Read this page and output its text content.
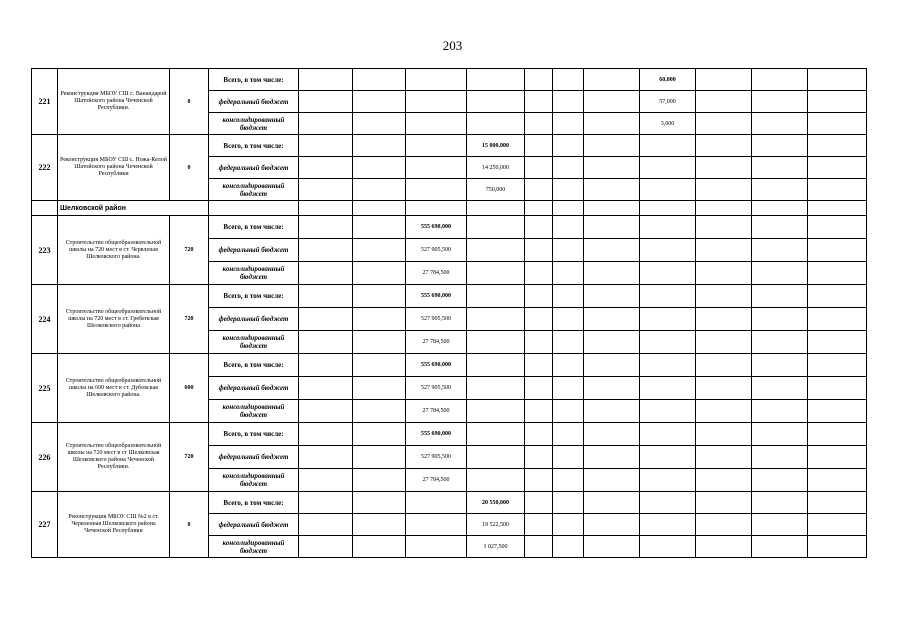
203
221	Реконструкция МБОУ СШ с. Ванандарой Шатойского района Чеченской Республики.	0	Всего, в том числе:								60,000			
			федеральный бюджет								57,000			
			консолидированный бюджет								3,000			
222	Реконструкция МБОУ СШ с. Ножа-Келой Шатойского района Чеченской Республики	0	Всего, в том числе:				15 000,000							
			федеральный бюджет				14 250,000							
			консолидированный бюджет				750,000							
	Шелковской район													
223	Строительство общеобразовательной школы на 720 мест в ст. Червленая Шелковского района.	720	Всего, в том числе:			555 690,000								
			федеральный бюджет			527 905,500								
			консолидированный бюджет			27 784,500								
224	Строительство общеобразовательной школы на 720 мест в ст. Гребенская Шелковского района	720	Всего, в том числе:			555 690,000								
			федеральный бюджет			527 905,500								
			консолидированный бюджет			27 784,500								
225	Строительство общеобразовательной школы на 600 мест в ст. Дубовская Шелковского района.	600	Всего, в том числе:			555 690,000								
			федеральный бюджет			527 905,500								
			консолидированный бюджет			27 784,500								
226	Строительство общеобразовательной школы на 720 мест в ст Шелковская Шелковского района Чеченской Республики.	720	Всего, в том числе:			555 690,000								
			федеральный бюджет			527 905,500								
			консолидированный бюджет			27 784,500								
227	Реконструкция МБОУ СШ №2 в ст. Червленная Шелковского района Чеченской Республики	0	Всего, в том числе:				20 550,000							
			федеральный бюджет				19 522,500							
			консолидированный бюджет				1 027,500							
